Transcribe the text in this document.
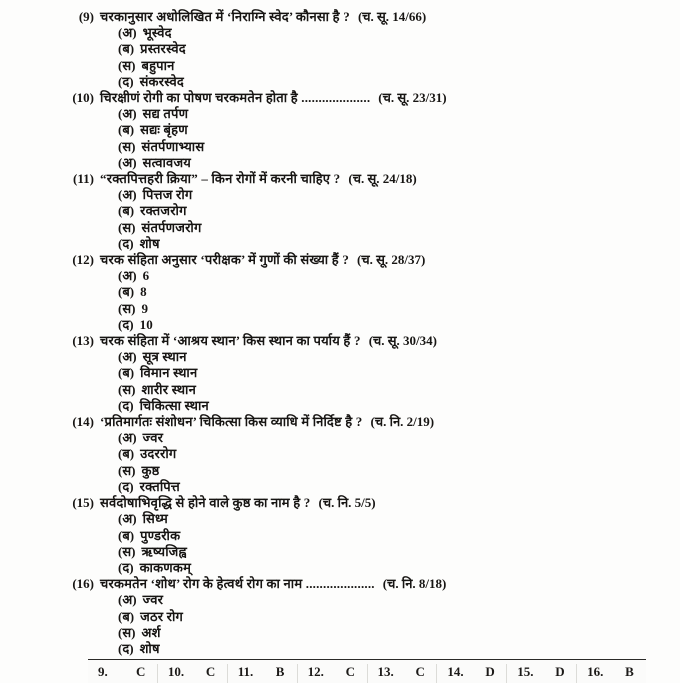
(9) चरकानुसार अधोलिखित में ‘निराग्नि स्वेद’ कौनसा है ? (च. सू. 14/66)
(अ) भूस्वेद
(ब) प्रस्तरस्वेद
(स) बहुपान
(द) संकरस्वेद
(10) चिरक्षीणं रोगी का पोषण चरकमतेन होता है .................... (च. सू. 23/31)
(अ) सद्य तर्पण
(ब) सद्यः बृंहण
(स) संतर्पणाभ्यास
(अ) सत्वावजय
(11) “रक्तपित्तहरी क्रिया” – किन रोगों में करनी चाहिए ? (च. सू. 24/18)
(अ) पित्तज रोग
(ब) रक्तजरोग
(स) संतर्पणजरोग
(द) शोष
(12) चरक संहिता अनुसार ‘परीक्षक’ में गुणों की संख्या हैं ? (च. सू. 28/37)
(अ) 6
(ब) 8
(स) 9
(द) 10
(13) चरक संहिता में ‘आश्रय स्थान’ किस स्थान का पर्याय हैं ? (च. सू. 30/34)
(अ) सूत्र स्थान
(ब) विमान स्थान
(स) शारीर स्थान
(द) चिकित्सा स्थान
(14) ‘प्रतिमार्गतः संशोधन’ चिकित्सा किस व्याधि में निर्दिष्ट है ? (च. नि. 2/19)
(अ) ज्वर
(ब) उदररोग
(स) कुष्ठ
(द) रक्तपित्त
(15) सर्वदोषाभिवृद्धि से होने वाले कुष्ठ का नाम है ? (च. नि. 5/5)
(अ) सिध्म
(ब) पुण्डरीक
(स) ऋष्यजिह्व
(द) काकणकम्
(16) चरकमतेन ‘शोथ’ रोग के हेत्वर्थ रोग का नाम .................... (च. नि. 8/18)
(अ) ज्वर
(ब) जठर रोग
(स) अर्श
(द) शोष
9.	C 10.	C 11.	B 12.	C 13.	C 14.	D 15.	D 16.	B
